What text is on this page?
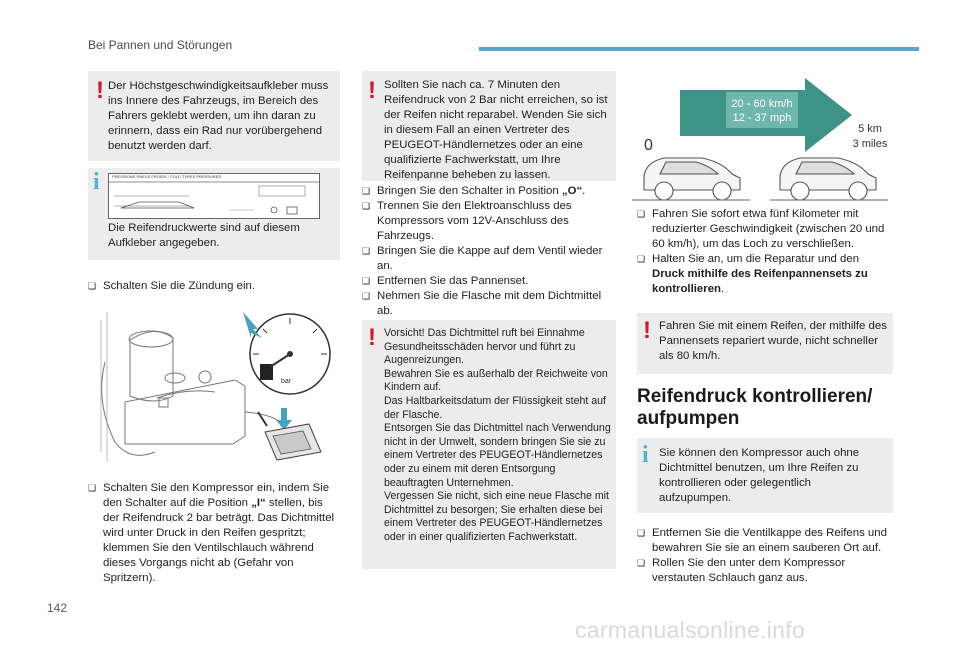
Bei Pannen und Störungen
! Der Höchstgeschwindigkeitsaufkleber muss ins Innere des Fahrzeugs, im Bereich des Fahrers geklebt werden, um ihn daran zu erinnern, dass ein Rad nur vorübergehend benutzt werden darf.
i	PRESSIONS PNEUS FROIDS / COLD TYRES PRESSURES
Die Reifendruckwerte sind auf diesem Aufkleber angegeben.
❑ Schalten Sie die Zündung ein.
bar
❑ Schalten Sie den Kompressor ein, indem Sie den Schalter auf die Position „I“ stellen, bis der Reifendruck 2 bar beträgt. Das Dichtmittel wird unter Druck in den Reifen gespritzt; klemmen Sie den Ventilschlauch während dieses Vorgangs nicht ab (Gefahr von Spritzern).
! Sollten Sie nach ca. 7 Minuten den Reifendruck von 2 Bar nicht erreichen, so ist der Reifen nicht reparabel. Wenden Sie sich in diesem Fall an einen Vertreter des PEUGEOT-Händlernetzes oder an eine qualifizierte Fachwerkstatt, um Ihre Reifenpanne beheben zu lassen.
❑ Bringen Sie den Schalter in Position „O“.
❑ Trennen Sie den Elektroanschluss des Kompressors vom 12V-Anschluss des Fahrzeugs.
❑ Bringen Sie die Kappe auf dem Ventil wieder an.
❑ Entfernen Sie das Pannenset.
❑ Nehmen Sie die Flasche mit dem Dichtmittel ab.
! Vorsicht! Das Dichtmittel ruft bei Einnahme Gesundheitsschäden hervor und führt zu Augenreizungen.
Bewahren Sie es außerhalb der Reichweite von Kindern auf.
Das Haltbarkeitsdatum der Flüssigkeit steht auf der Flasche.
Entsorgen Sie das Dichtmittel nach Verwendung nicht in der Umwelt, sondern bringen Sie sie zu einem Vertreter des PEUGEOT-Händlernetzes oder zu einem mit deren Entsorgung beauftragten Unternehmen.
Vergessen Sie nicht, sich eine neue Flasche mit Dichtmittel zu besorgen; Sie erhalten diese bei einem Vertreter des PEUGEOT-Händlernetzes oder in einer qualifizierten Fachwerkstatt.
20 - 60 km/h
12 - 37 mph
0
5 km
3 miles
❑ Fahren Sie sofort etwa fünf Kilometer mit reduzierter Geschwindigkeit (zwischen 20 und 60 km/h), um das Loch zu verschließen.
❑ Halten Sie an, um die Reparatur und den Druck mithilfe des Reifenpannensets zu kontrollieren.
! Fahren Sie mit einem Reifen, der mithilfe des Pannensets repariert wurde, nicht schneller als 80 km/h.
Reifendruck kontrollieren/ aufpumpen
i Sie können den Kompressor auch ohne Dichtmittel benutzen, um Ihre Reifen zu kontrollieren oder gelegentlich aufzupumpen.
❑ Entfernen Sie die Ventilkappe des Reifens und bewahren Sie sie an einem sauberen Ort auf.
❑ Rollen Sie den unter dem Kompressor verstauten Schlauch ganz aus.
142
carmanualsonline.info
